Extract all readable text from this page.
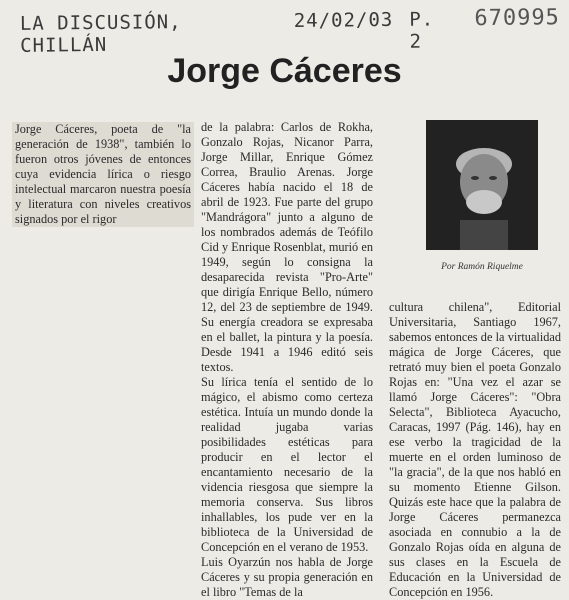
LA DISCUSIÓN, CHILLÁN
24/02/03 P. 2
670995
Jorge Cáceres
Jorge Cáceres, poeta de "la generación de 1938", también lo fueron otros jóvenes de entonces cuya evidencia lírica o riesgo intelectual marcaron nuestra poesía y literatura con niveles creativos signados por el rigor

de la palabra: Carlos de Rokha, Gonzalo Rojas, Nicanor Parra, Jorge Millar, Enrique Gómez Correa, Braulio Arenas. Jorge Cáceres había nacido el 18 de abril de 1923. Fue parte del grupo "Mandrágora" junto a alguno de los nombrados además de Teófilo Cid y Enrique Rosenblat, murió en 1949, según lo consigna la desaparecida revista "Pro-Arte" que dirigía Enrique Bello, número 12, del 23 de septiembre de 1949. Su energía creadora se expresaba en el ballet, la pintura y la poesía. Desde 1941 a 1946 editó seis textos.

Su lírica tenía el sentido de lo mágico, el abismo como certeza estética. Intuía un mundo donde la realidad jugaba varias posibilidades estéticas para producir en el lector el encantamiento necesario de la videncia riesgosa que siempre la memoria conserva. Sus libros inhallables, los pude ver en la biblioteca de la Universidad de Concepción en el verano de 1953.

Luis Oyarzún nos habla de Jorge Cáceres y su propia generación en el libro "Temas de la

Por Ramón Riquelme

cultura chilena", Editorial Universitaria, Santiago 1967, sabemos entonces de la virtualidad mágica de Jorge Cáceres, que retrató muy bien el poeta Gonzalo Rojas en: "Una vez el azar se llamó Jorge Cáceres": "Obra Selecta", Biblioteca Ayacucho, Caracas, 1997 (Pág. 146), hay en ese verbo la tragicidad de la muerte en el orden luminoso de "la gracia", de la que nos habló en su momento Etienne Gilson. Quizás este hace que la palabra de Jorge Cáceres permanezca asociada en connubio a la de Gonzalo Rojas oída en alguna de sus clases en la Escuela de Educación en la Universidad de Concepción en 1956.
